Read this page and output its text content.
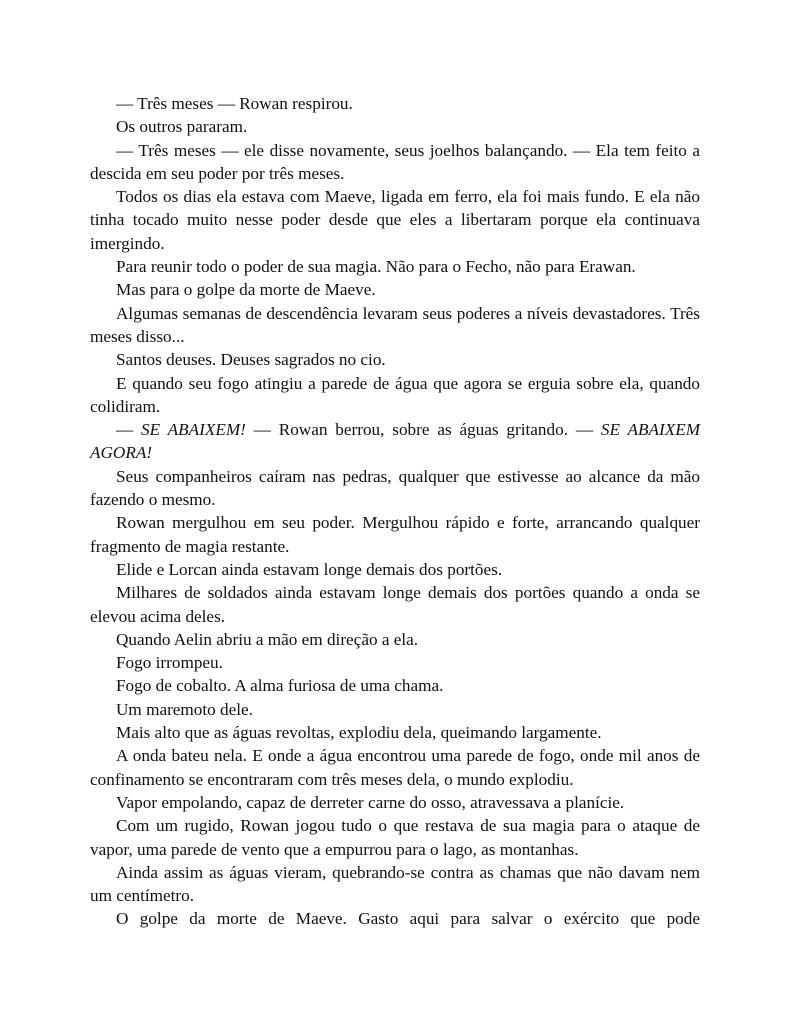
— Três meses — Rowan respirou.

Os outros pararam.

— Três meses — ele disse novamente, seus joelhos balançando. — Ela tem feito a descida em seu poder por três meses.

Todos os dias ela estava com Maeve, ligada em ferro, ela foi mais fundo. E ela não tinha tocado muito nesse poder desde que eles a libertaram porque ela continuava imergindo.

Para reunir todo o poder de sua magia. Não para o Fecho, não para Erawan.

Mas para o golpe da morte de Maeve.

Algumas semanas de descendência levaram seus poderes a níveis devastadores. Três meses disso...

Santos deuses. Deuses sagrados no cio.

E quando seu fogo atingiu a parede de água que agora se erguia sobre ela, quando colidiram.

— SE ABAIXEM! — Rowan berrou, sobre as águas gritando. — SE ABAIXEM AGORA!

Seus companheiros caíram nas pedras, qualquer que estivesse ao alcance da mão fazendo o mesmo.

Rowan mergulhou em seu poder. Mergulhou rápido e forte, arrancando qualquer fragmento de magia restante.

Elide e Lorcan ainda estavam longe demais dos portões.

Milhares de soldados ainda estavam longe demais dos portões quando a onda se elevou acima deles.

Quando Aelin abriu a mão em direção a ela.

Fogo irrompeu.

Fogo de cobalto. A alma furiosa de uma chama.

Um maremoto dele.

Mais alto que as águas revoltas, explodiu dela, queimando largamente.

A onda bateu nela. E onde a água encontrou uma parede de fogo, onde mil anos de confinamento se encontraram com três meses dela, o mundo explodiu.

Vapor empolando, capaz de derreter carne do osso, atravessava a planície.

Com um rugido, Rowan jogou tudo o que restava de sua magia para o ataque de vapor, uma parede de vento que a empurrou para o lago, as montanhas.

Ainda assim as águas vieram, quebrando-se contra as chamas que não davam nem um centímetro.

O golpe da morte de Maeve. Gasto aqui para salvar o exército que pode
